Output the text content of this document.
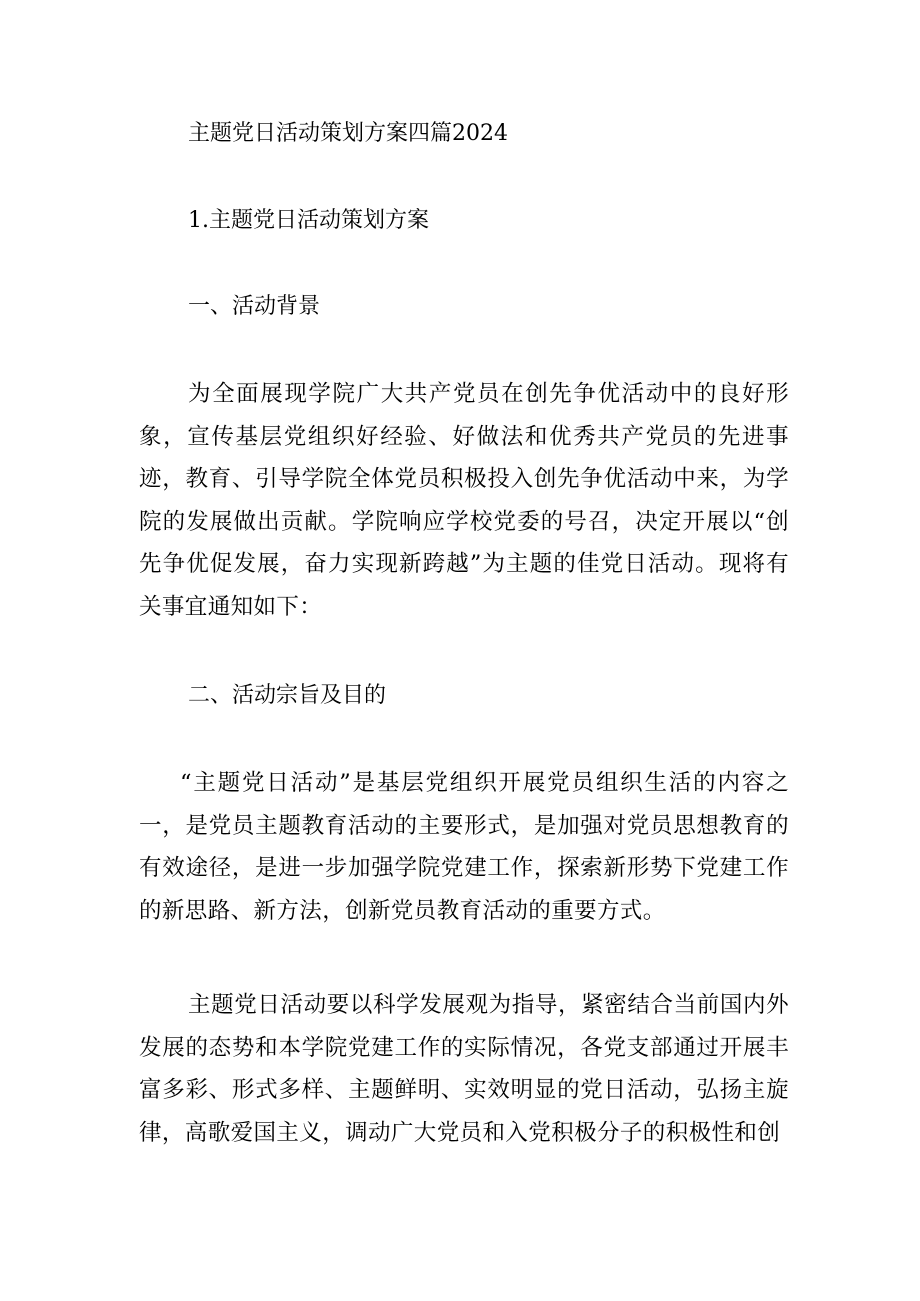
主题党日活动策划方案四篇2024
1.主题党日活动策划方案
一、活动背景
为全面展现学院广大共产党员在创先争优活动中的良好形象，宣传基层党组织好经验、好做法和优秀共产党员的先进事迹，教育、引导学院全体党员积极投入创先争优活动中来，为学院的发展做出贡献。学院响应学校党委的号召，决定开展以“创先争优促发展，奋力实现新跨越”为主题的佳党日活动。现将有关事宜通知如下：
二、活动宗旨及目的
“主题党日活动”是基层党组织开展党员组织生活的内容之一，是党员主题教育活动的主要形式，是加强对党员思想教育的有效途径，是进一步加强学院党建工作，探索新形势下党建工作的新思路、新方法，创新党员教育活动的重要方式。
主题党日活动要以科学发展观为指导，紧密结合当前国内外发展的态势和本学院党建工作的实际情况，各党支部通过开展丰富多彩、形式多样、主题鲜明、实效明显的党日活动，弘扬主旋律，高歌爱国主义，调动广大党员和入党积极分子的积极性和创
